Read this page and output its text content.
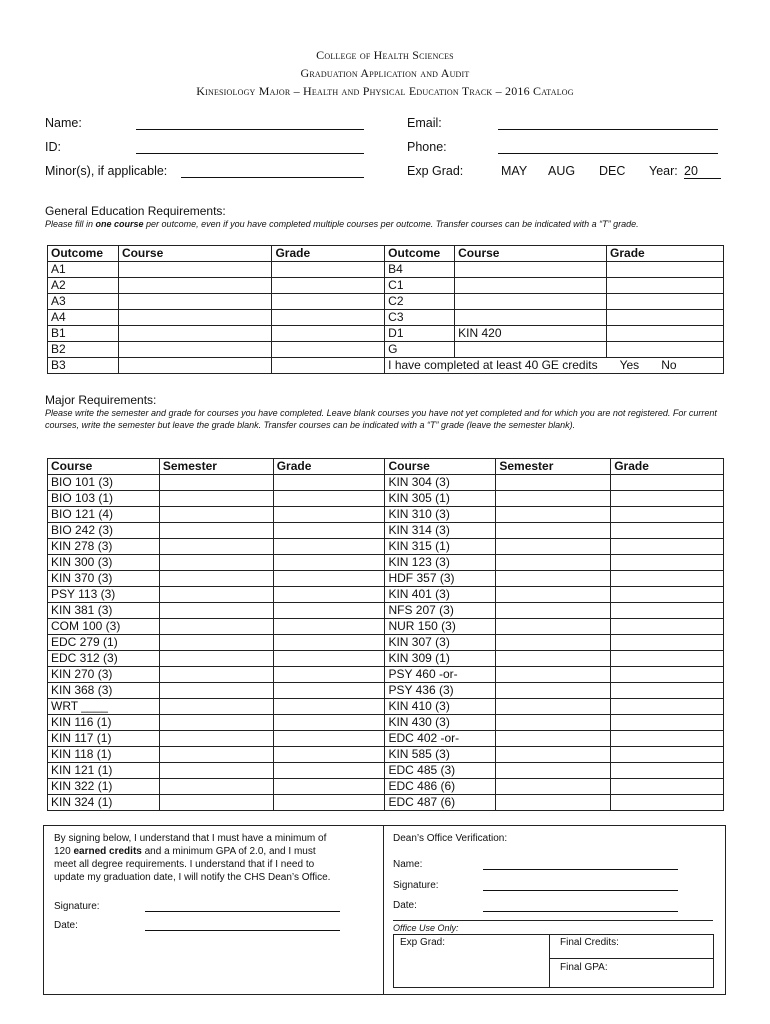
College of Health Sciences
Graduation Application and Audit
Kinesiology Major – Health and Physical Education Track – 2016 Catalog
Name:
ID:
Minor(s), if applicable:
Email:
Phone:
Exp Grad:	MAY AUG DEC Year: 20
General Education Requirements:
Please fill in one course per outcome, even if you have completed multiple courses per outcome. Transfer courses can be indicated with a “T” grade.
Outcome	Course	Grade	Outcome	Course	Grade
A1			B4		
A2			C1		
A3			C2		
A4			C3		
B1			D1	KIN 420	
B2			G		
B3			I have completed at least 40 GE credits Yes No		
Major Requirements:
Please write the semester and grade for courses you have completed. Leave blank courses you have not yet completed and for which you are not registered. For current courses, write the semester but leave the grade blank. Transfer courses can be indicated with a “T” grade (leave the semester blank).
Course	Semester	Grade	Course	Semester	Grade
BIO 101 (3)			KIN 304 (3)		
BIO 103 (1)			KIN 305 (1)		
BIO 121 (4)			KIN 310 (3)		
BIO 242 (3)			KIN 314 (3)		
KIN 278 (3)			KIN 315 (1)		
KIN 300 (3)			KIN 123 (3)		
KIN 370 (3)			HDF 357 (3)		
PSY 113 (3)			KIN 401 (3)		
KIN 381 (3)			NFS 207 (3)		
COM 100 (3)			NUR 150 (3)		
EDC 279 (1)			KIN 307 (3)		
EDC 312 (3)			KIN 309 (1)		
KIN 270 (3)			PSY 460 -or-		
KIN 368 (3)			PSY 436 (3)		
WRT ____			KIN 410 (3)		
KIN 116 (1)			KIN 430 (3)		
KIN 117 (1)			EDC 402 -or-		
KIN 118 (1)			KIN 585 (3)		
KIN 121 (1)			EDC 485 (3)		
KIN 322 (1)			EDC 486 (6)		
KIN 324 (1)			EDC 487 (6)		
By signing below, I understand that I must have a minimum of
120 earned credits and a minimum GPA of 2.0, and I must
meet all degree requirements. I understand that if I need to
update my graduation date, I will notify the CHS Dean’s Office.
Signature:
Date:
Dean’s Office Verification:
Name:
Signature:
Date:
Office Use Only:
Exp Grad:	Final Credits:
Final GPA:
